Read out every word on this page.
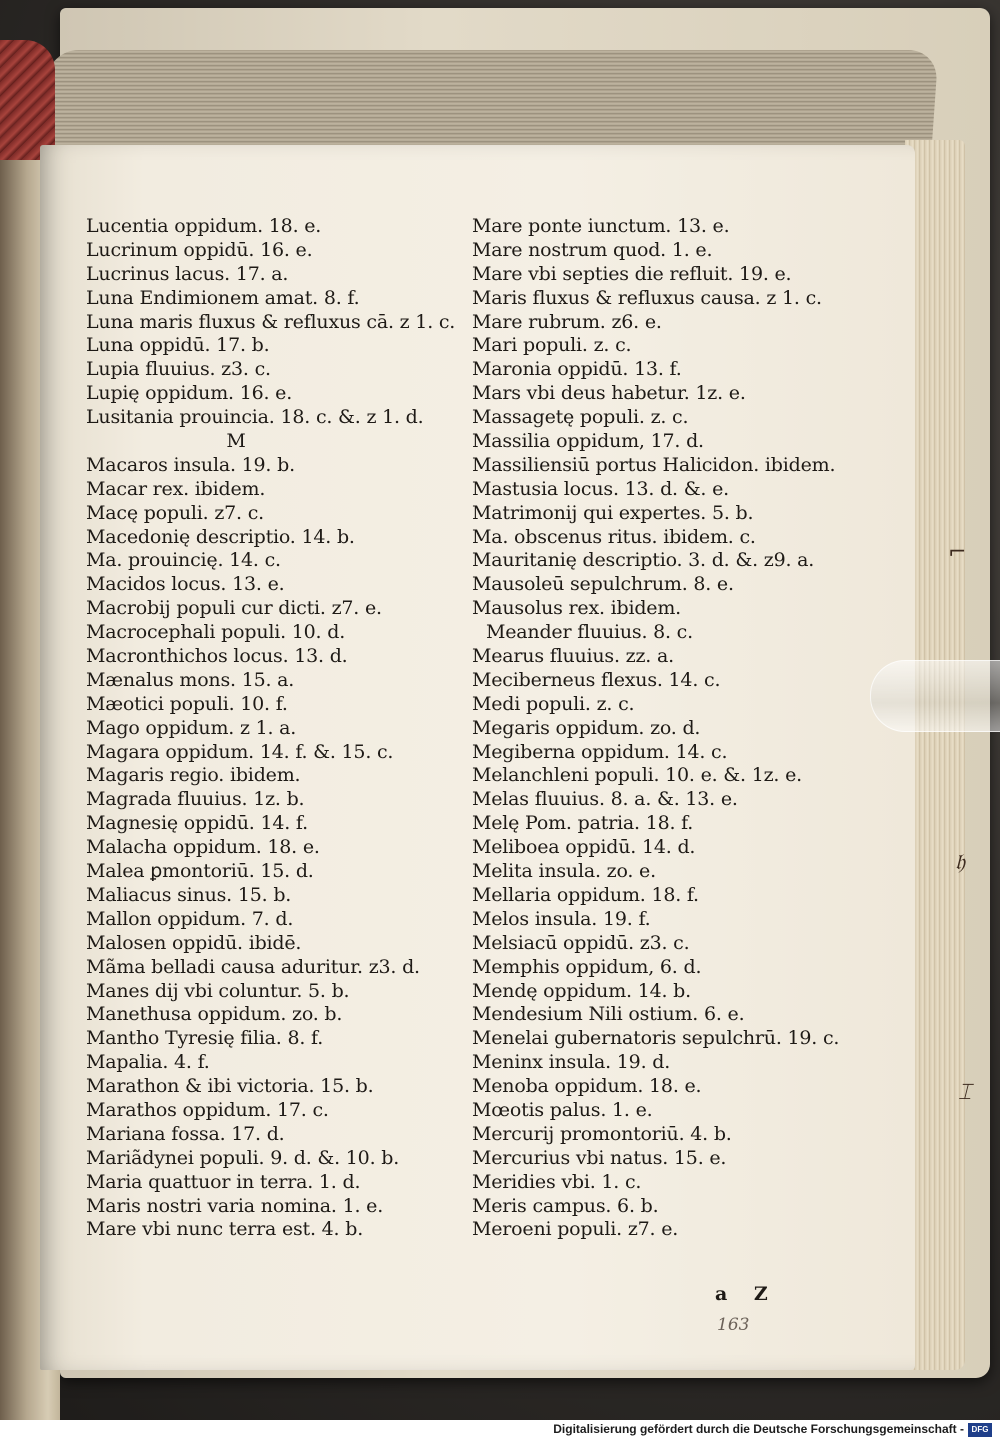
Lucentia oppidum. 18. e.
Lucrinum oppidū. 16. e.
Lucrinus lacus. 17. a.
Luna Endimionem amat. 8. f.
Luna maris fluxus & refluxus cā. z 1. c.
Luna oppidū. 17. b.
Lupia fluuius. z3. c.
Lupię oppidum. 16. e.
Lusitania prouincia. 18. c. &. z 1. d.
M
Macaros insula. 19. b.
Macar rex. ibidem.
Macę populi. z7. c.
Macedonię descriptio. 14. b.
Ma. prouincię. 14. c.
Macidos locus. 13. e.
Macrobij populi cur dicti. z7. e.
Macrocephali populi. 10. d.
Macronthichos locus. 13. d.
Mænalus mons. 15. a.
Mæotici populi. 10. f.
Mago oppidum. z 1. a.
Magara oppidum. 14. f. &. 15. c.
Magaris regio. ibidem.
Magrada fluuius. 1z. b.
Magnesię oppidū. 14. f.
Malacha oppidum. 18. e.
Malea ꝑmontoriū. 15. d.
Maliacus sinus. 15. b.
Mallon oppidum. 7. d.
Malosen oppidū. ibidē.
Mãma belladi causa aduritur. z3. d.
Manes dij vbi coluntur. 5. b.
Manethusa oppidum. zo. b.
Mantho Tyresię filia. 8. f.
Mapalia. 4. f.
Marathon & ibi victoria. 15. b.
Marathos oppidum. 17. c.
Mariana fossa. 17. d.
Mariãdynei populi. 9. d. &. 10. b.
Maria quattuor in terra. 1. d.
Maris nostri varia nomina. 1. e.
Mare vbi nunc terra est. 4. b.
Mare ponte iunctum. 13. e.
Mare nostrum quod. 1. e.
Mare vbi septies die refluit. 19. e.
Maris fluxus & refluxus causa. z 1. c.
Mare rubrum. z6. e.
Mari populi. z. c.
Maronia oppidū. 13. f.
Mars vbi deus habetur. 1z. e.
Massagetę populi. z. c.
Massilia oppidum, 17. d.
Massiliensiū portus Halicidon. ibidem.
Mastusia locus. 13. d. &. e.
Matrimonij qui expertes. 5. b.
Ma. obscenus ritus. ibidem. c.
Mauritanię descriptio. 3. d. &. z9. a.
Mausoleū sepulchrum. 8. e.
Mausolus rex. ibidem.
Meander fluuius. 8. c.
Mearus fluuius. zz. a.
Meciberneus flexus. 14. c.
Medi populi. z. c.
Megaris oppidum. zo. d.
Megiberna oppidum. 14. c.
Melanchleni populi. 10. e. &. 1z. e.
Melas fluuius. 8. a. &. 13. e.
Melę Pom. patria. 18. f.
Meliboea oppidū. 14. d.
Melita insula. zo. e.
Mellaria oppidum. 18. f.
Melos insula. 19. f.
Melsiacū oppidū. z3. c.
Memphis oppidum, 6. d.
Mendę oppidum. 14. b.
Mendesium Nili ostium. 6. e.
Menelai gubernatoris sepulchrū. 19. c.
Meninx insula. 19. d.
Menoba oppidum. 18. e.
Mœotis palus. 1. e.
Mercurij promontoriū. 4. b.
Mercurius vbi natus. 15. e.
Meridies vbi. 1. c.
Meris campus. 6. b.
Meroeni populi. z7. e.
a Z
163
⌐
𝔥
⌶
Digitalisierung gefördert durch die Deutsche Forschungsgemeinschaft - DFG
